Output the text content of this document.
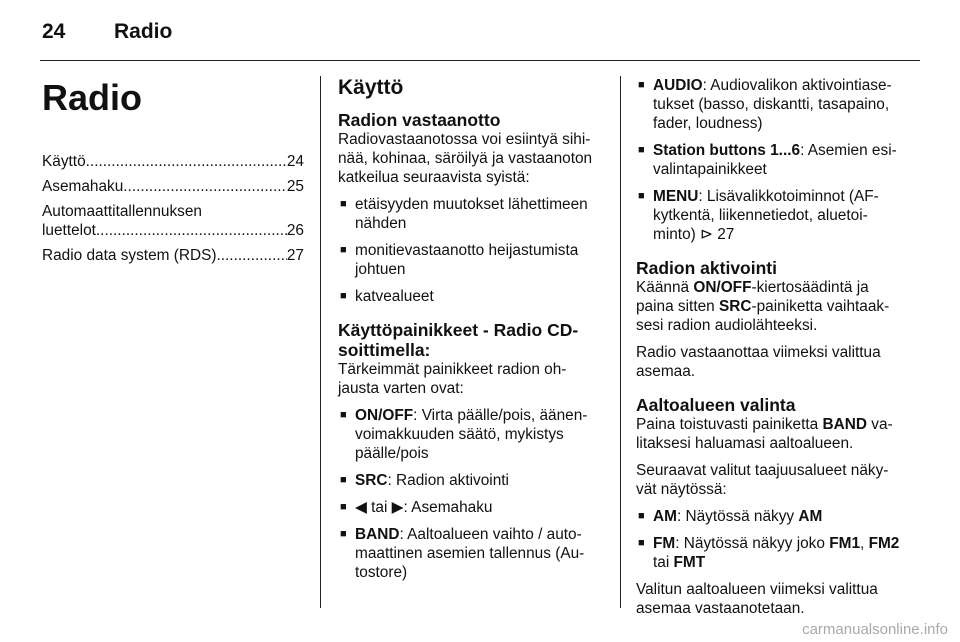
24 Radio
Radio
Käyttö .....	24
Asemahaku .....	25
Automaattitallennuksen
luettelot .....	26
Radio data system (RDS) .....	27
Käyttö
Radion vastaanotto

Radiovastaanotossa voi esiintyä sihi-nää, kohinaa, säröilyä ja vastaanoton katkeilua seuraavista syistä:

■ etäisyyden muutokset lähettimeen nähden
■ monitievastaanotto heijastumista johtuen
■ katvealueet
Käyttöpainikkeet - Radio CD-soittimella:

Tärkeimmät painikkeet radion oh-jausta varten ovat:

■ ON/OFF: Virta päälle/pois, äänen-voimakkuuden säätö, mykistys päälle/pois
■ SRC: Radion aktivointi
■ ◀ tai ▶: Asemahaku
■ BAND: Aaltoalueen vaihto / auto-maattinen asemien tallennus (Au-tostore)
■ AUDIO: Audiovalikon aktivointiase-tukset (basso, diskantti, tasapaino, fader, loudness)
■ Station buttons 1...6: Asemien esi-valintapainikkeet
■ MENU: Lisävalikkotoiminnot (AF-kytkentä, liikennetiedot, aluetoi-minto) ⊳ 27
Radion aktivointi

Käännä ON/OFF-kiertosäädintä ja paina sitten SRC-painiketta vaihtaak-sesi radion audiolähteeksi.

Radio vastaanottaa viimeksi valittua asemaa.

Aaltoalueen valinta

Paina toistuvasti painiketta BAND va-litaksesi haluamasi aaltoalueen.

Seuraavat valitut taajuusalueet näky-vät näytössä:

■ AM: Näytössä näkyy AM
■ FM: Näytössä näkyy joko FM1, FM2 tai FMT

Valitun aaltoalueen viimeksi valittua asemaa vastaanotetaan.

carmanualsonline.info
